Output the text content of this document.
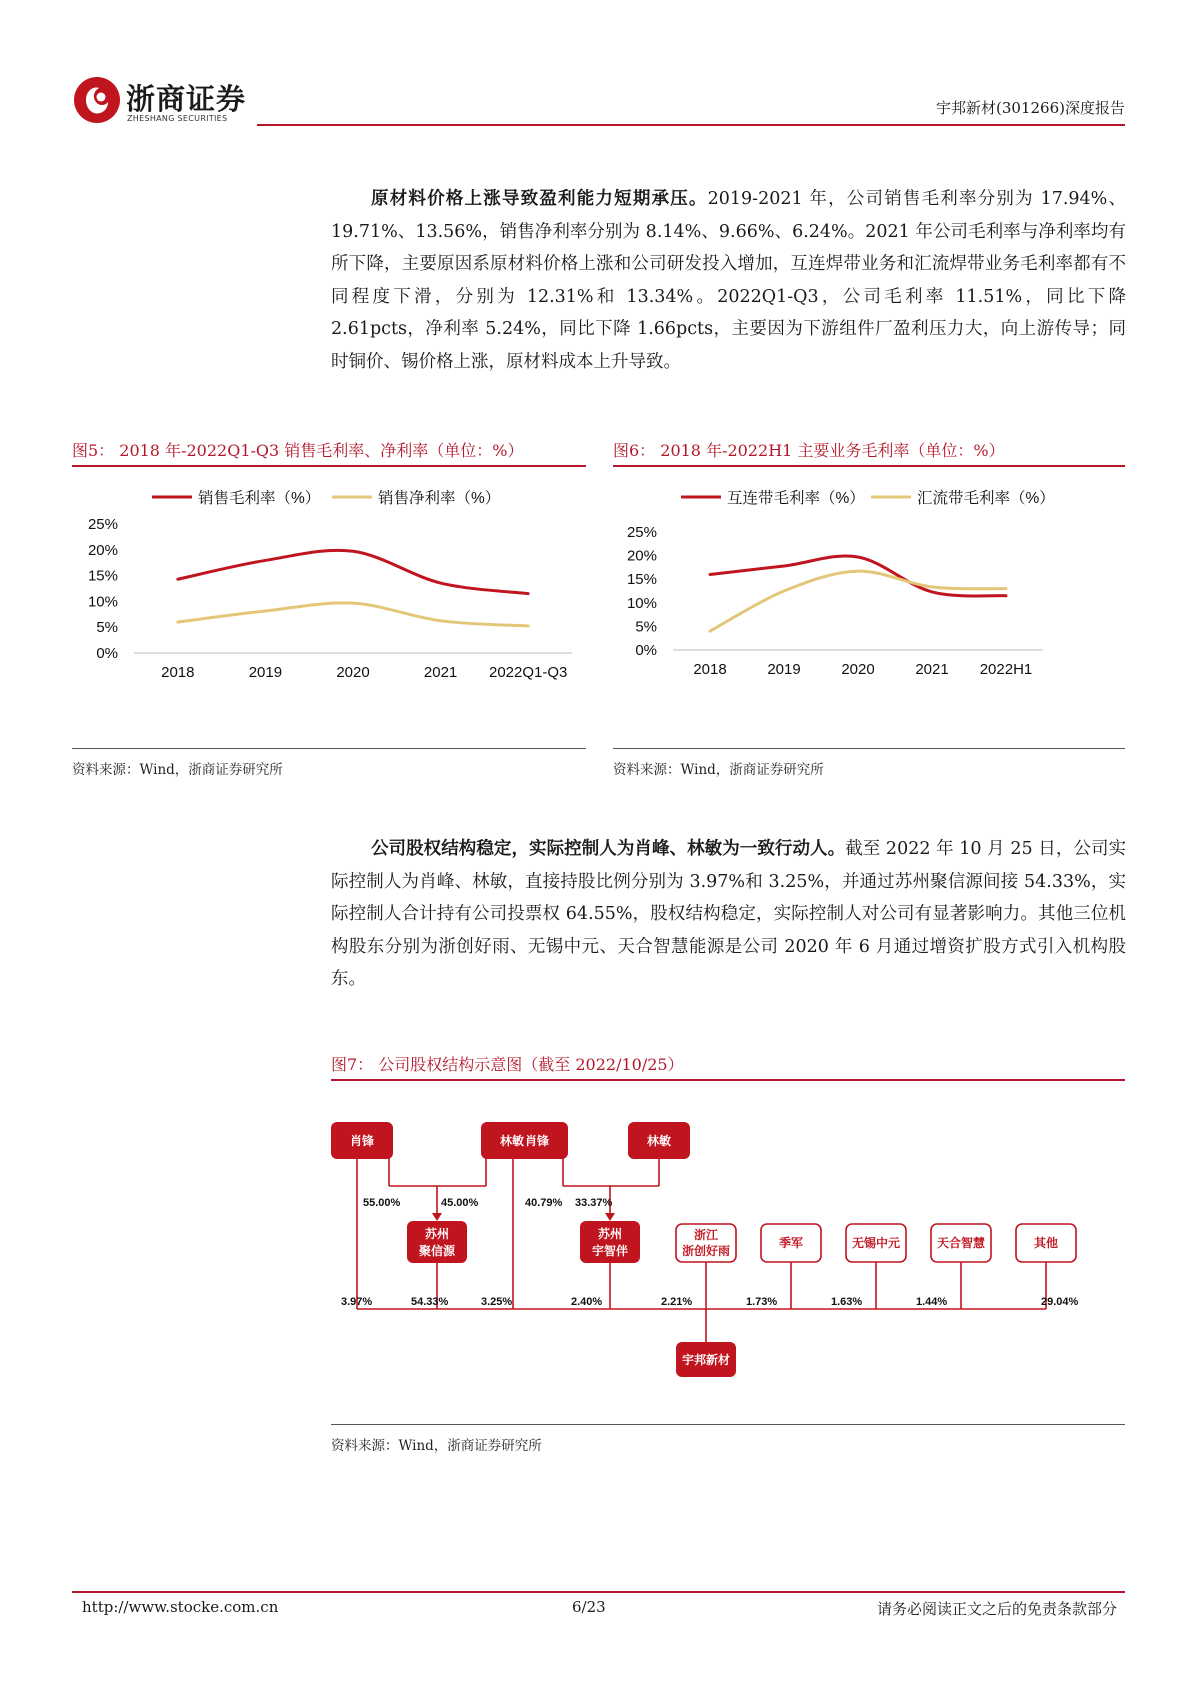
浙商证券
ZHESHANG SECURITIES
宇邦新材(301266)深度报告
原材料价格上涨导致盈利能力短期承压。2019-2021 年，公司销售毛利率分别为 17.94%、19.71%、13.56%，销售净利率分别为 8.14%、9.66%、6.24%。2021 年公司毛利率与净利率均有所下降，主要原因系原材料价格上涨和公司研发投入增加，互连焊带业务和汇流焊带业务毛利率都有不同程度下滑，分别为 12.31%和 13.34%。2022Q1-Q3，公司毛利率 11.51%，同比下降 2.61pcts，净利率 5.24%，同比下降 1.66pcts，主要因为下游组件厂盈利压力大，向上游传导；同时铜价、锡价格上涨，原材料成本上升导致。
图5： 2018 年-2022Q1-Q3 销售毛利率、净利率（单位：%）
0%
5%
10%
15%
20%
25%
2018	2019	2020	2021 2022Q1-Q3
销售毛利率（%）	销售净利率（%）
资料来源：Wind，浙商证券研究所
图6： 2018 年-2022H1 主要业务毛利率（单位：%）
0%
5%
10%
15%
20%
25%
2018	2019	2020	2021 2022H1
互连带毛利率（%）	汇流带毛利率（%）
资料来源：Wind，浙商证券研究所
公司股权结构稳定，实际控制人为肖峰、林敏为一致行动人。截至 2022 年 10 月 25 日，公司实际控制人为肖峰、林敏，直接持股比例分别为 3.97%和 3.25%，并通过苏州聚信源间接 54.33%，实际控制人合计持有公司投票权 64.55%，股权结构稳定，实际控制人对公司有显著影响力。其他三位机构股东分别为浙创好雨、无锡中元、天合智慧能源是公司 2020 年 6 月通过增资扩股方式引入机构股东。
图7： 公司股权结构示意图（截至 2022/10/25）
肖锋	林敏 肖锋	林敏
苏州
聚信源
苏州
宇智伴
宇邦新材
浙江
浙创好雨
季军	无锡中元	天合智慧	其他
55.00%	45.00%	40.79% 33.37%
3.97%	54.33%	3.25%	2.40%	2.21%	1.73%	1.63%	1.44%	29.04%
资料来源：Wind，浙商证券研究所
http://www.stocke.com.cn	6/23	请务必阅读正文之后的免责条款部分
